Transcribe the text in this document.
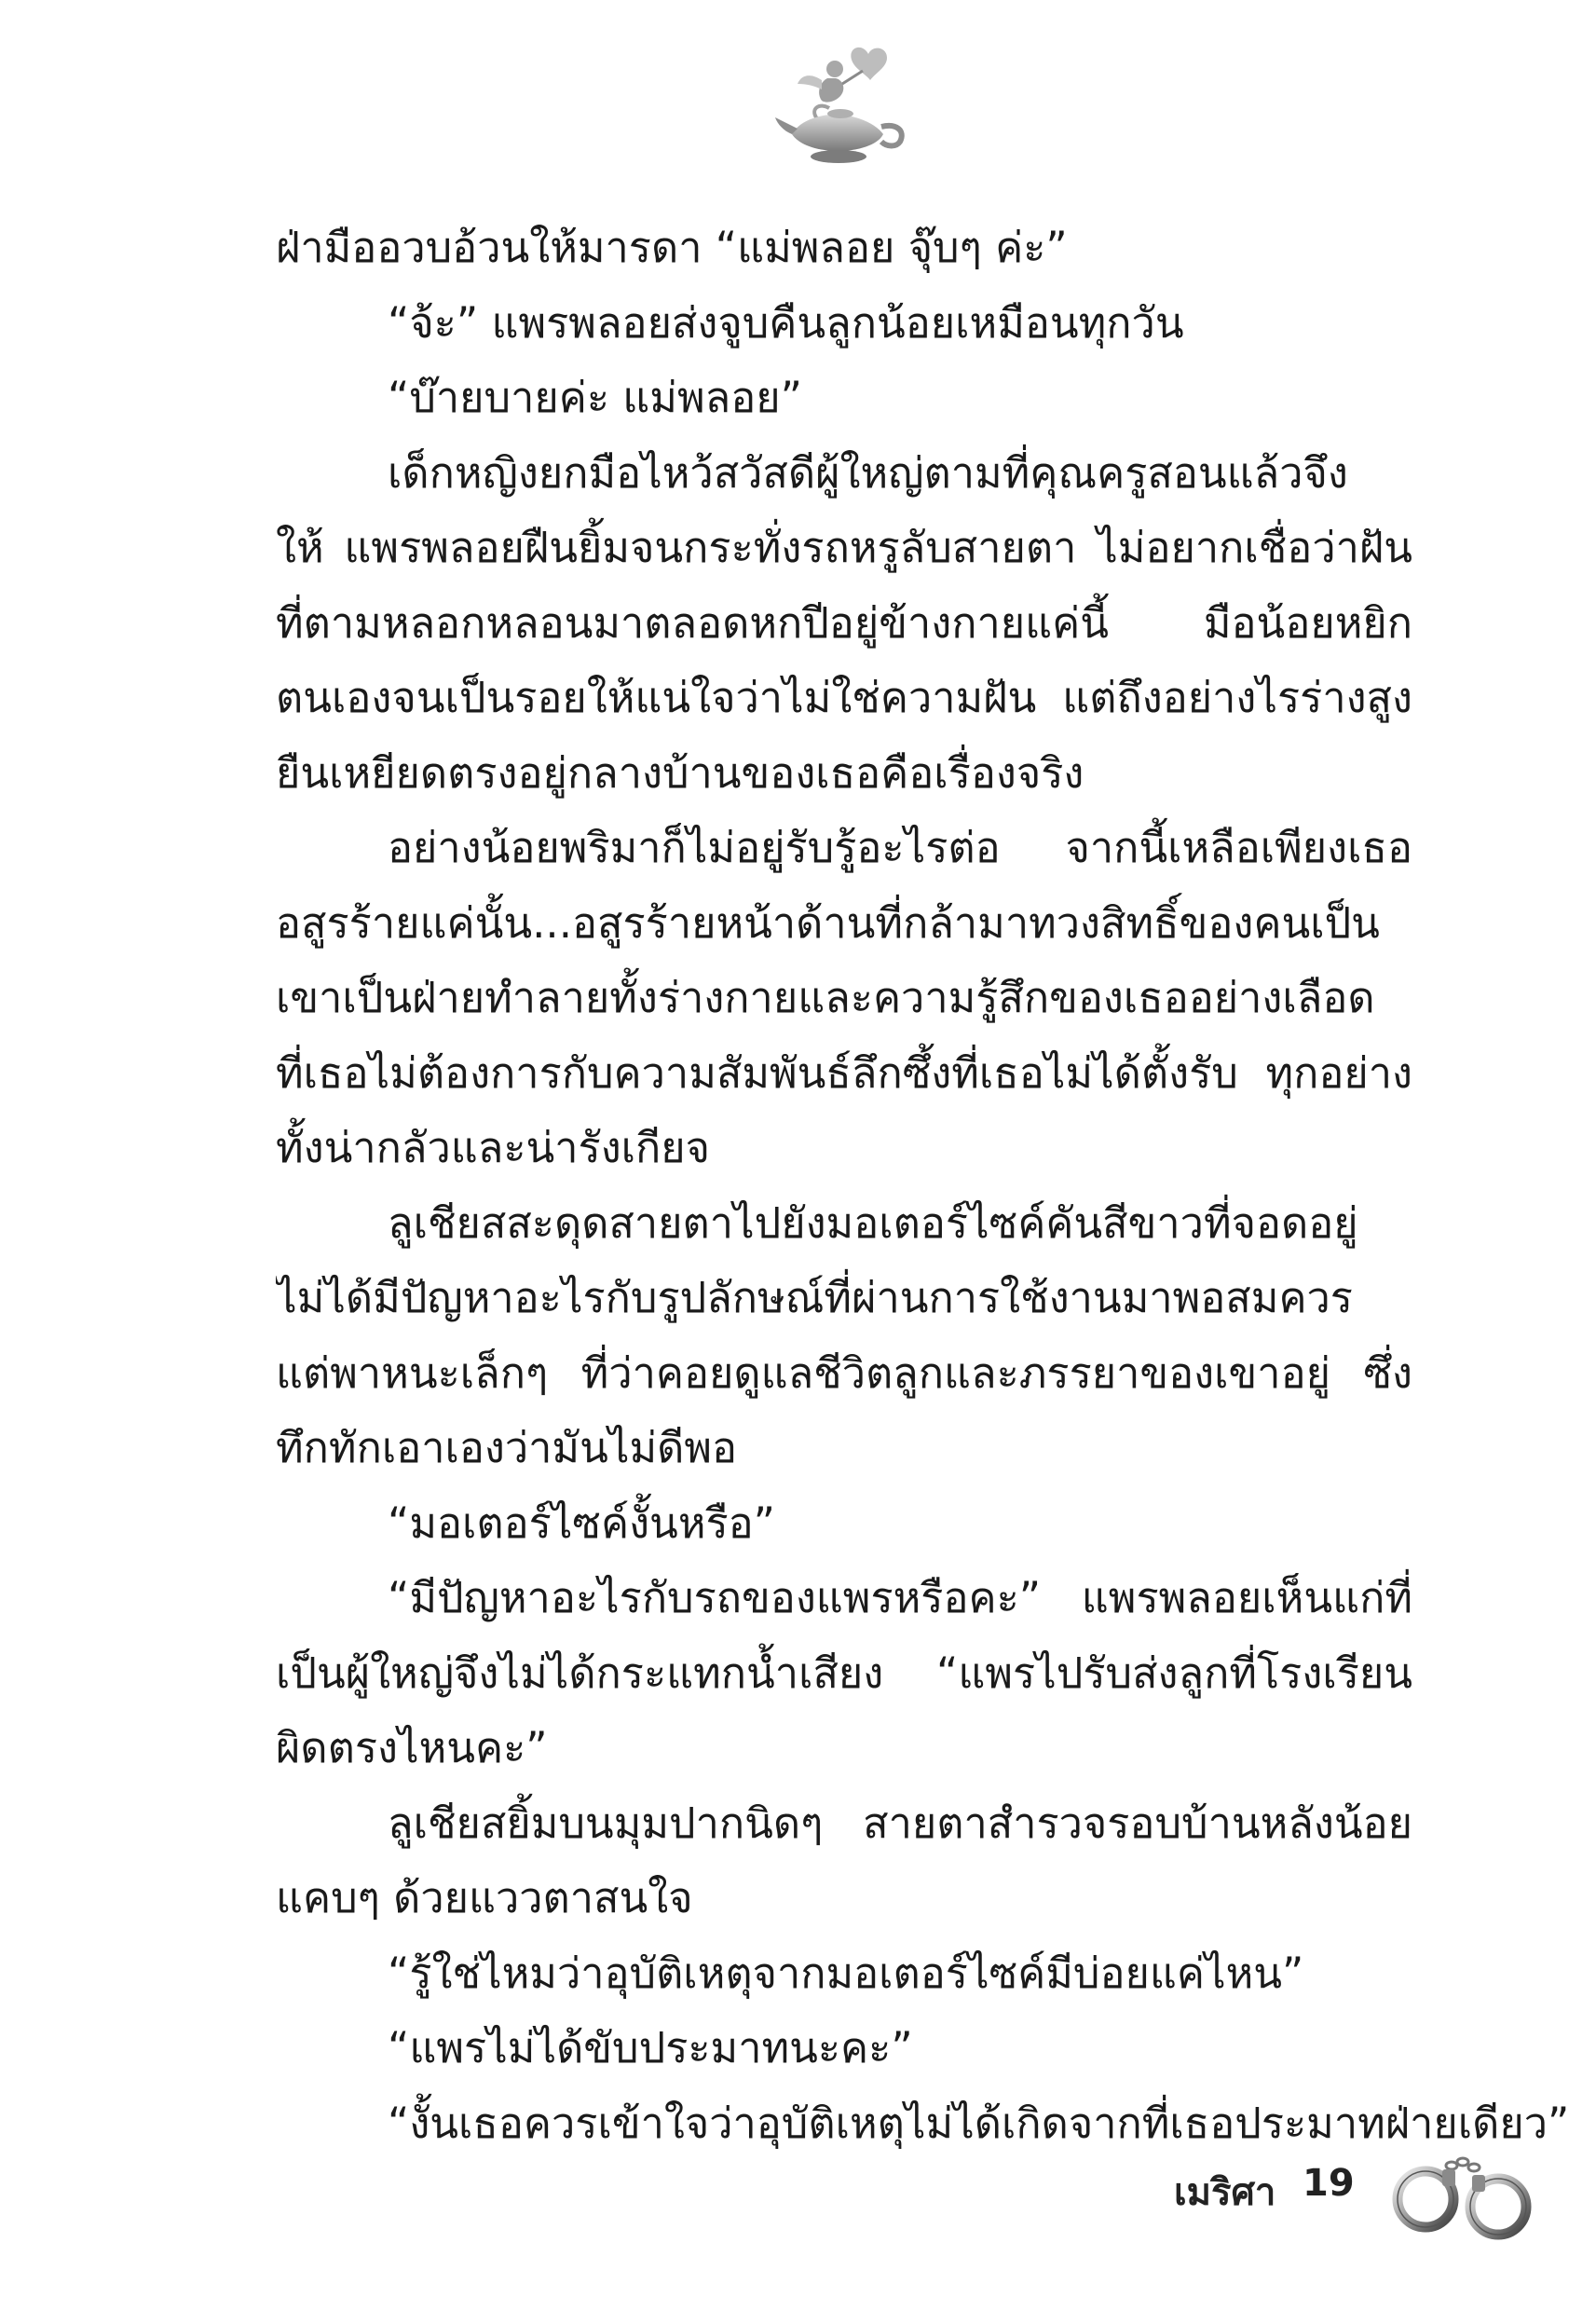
ฝ่ามืออวบอ้วนให้มารดา “แม่พลอย จุ๊บๆ ค่ะ”
“จ้ะ” แพรพลอยส่งจูบคืนลูกน้อยเหมือนทุกวัน
“บ๊ายบายค่ะ แม่พลอย”
เด็กหญิงยกมือไหว้สวัสดีผู้ใหญ่ตามที่คุณครูสอนแล้วจึง
ให้ แพรพลอยฝืนยิ้มจนกระทั่งรถหรูลับสายตา ไม่อยากเชื่อว่าฝัน
ที่ตามหลอกหลอนมาตลอดหกปีอยู่ข้างกายแค่นี้ มือน้อยหยิก
ตนเองจนเป็นรอยให้แน่ใจว่าไม่ใช่ความฝัน แต่ถึงอย่างไรร่างสูง
ยืนเหยียดตรงอยู่กลางบ้านของเธอคือเรื่องจริง
อย่างน้อยพริมาก็ไม่อยู่รับรู้อะไรต่อ จากนี้เหลือเพียงเธอ
อสูรร้ายแค่นั้น...อสูรร้ายหน้าด้านที่กล้ามาทวงสิทธิ์ของคนเป็น
เขาเป็นฝ่ายทำลายทั้งร่างกายและความรู้สึกของเธออย่างเลือด
ที่เธอไม่ต้องการกับความสัมพันธ์ลึกซึ้งที่เธอไม่ได้ตั้งรับ ทุกอย่าง
ทั้งน่ากลัวและน่ารังเกียจ
ลูเชียสสะดุดสายตาไปยังมอเตอร์ไซค์คันสีขาวที่จอดอยู่
ไม่ได้มีปัญหาอะไรกับรูปลักษณ์ที่ผ่านการใช้งานมาพอสมควร
แต่พาหนะเล็กๆ ที่ว่าคอยดูแลชีวิตลูกและภรรยาของเขาอยู่ ซึ่ง
ทึกทักเอาเองว่ามันไม่ดีพอ
“มอเตอร์ไซค์งั้นหรือ”
“มีปัญหาอะไรกับรถของแพรหรือคะ” แพรพลอยเห็นแก่ที่
เป็นผู้ใหญ่จึงไม่ได้กระแทกน้ำเสียง “แพรไปรับส่งลูกที่โรงเรียน
ผิดตรงไหนคะ”
ลูเชียสยิ้มบนมุมปากนิดๆ สายตาสำรวจรอบบ้านหลังน้อย
แคบๆ ด้วยแววตาสนใจ
“รู้ใช่ไหมว่าอุบัติเหตุจากมอเตอร์ไซค์มีบ่อยแค่ไหน”
“แพรไม่ได้ขับประมาทนะคะ”
“งั้นเธอควรเข้าใจว่าอุบัติเหตุไม่ได้เกิดจากที่เธอประมาทฝ่ายเดียว”
เมริศา 19
